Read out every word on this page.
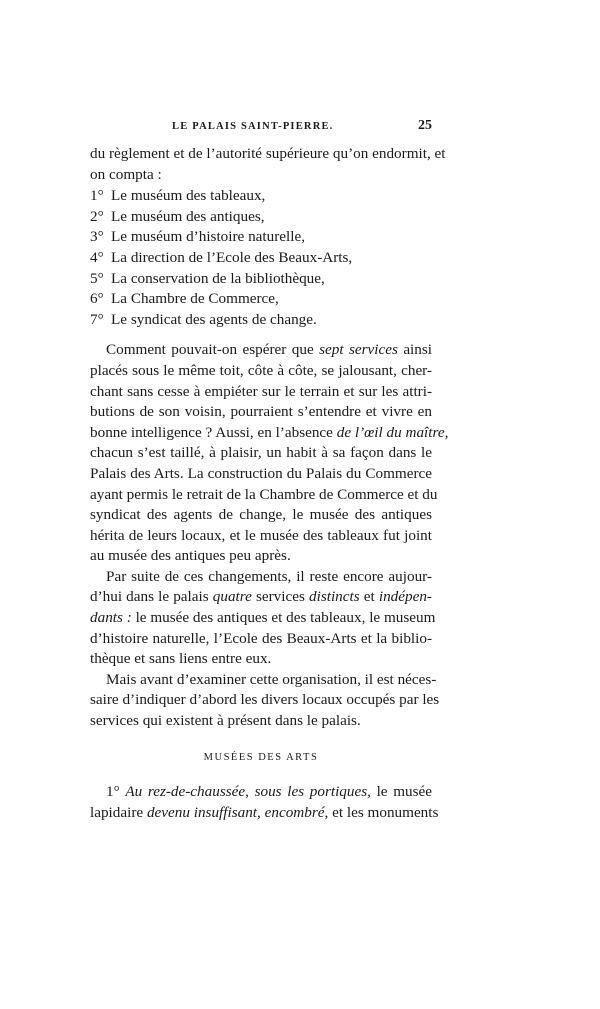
LE PALAIS SAINT-PIERRE.	25
du règlement et de l’autorité supérieure qu’on endormit, et
on compta :
1° Le muséum des tableaux,
2° Le muséum des antiques,
3° Le muséum d’histoire naturelle,
4° La direction de l’Ecole des Beaux-Arts,
5° La conservation de la bibliothèque,
6° La Chambre de Commerce,
7° Le syndicat des agents de change.
Comment pouvait-on espérer que sept services ainsi
placés sous le même toit, côte à côte, se jalousant, cher-
chant sans cesse à empiéter sur le terrain et sur les attri-
butions de son voisin, pourraient s’entendre et vivre en
bonne intelligence ? Aussi, en l’absence de l’œil du maître,
chacun s’est taillé, à plaisir, un habit à sa façon dans le
Palais des Arts. La construction du Palais du Commerce
ayant permis le retrait de la Chambre de Commerce et du
syndicat des agents de change, le musée des antiques
hérita de leurs locaux, et le musée des tableaux fut joint
au musée des antiques peu après.
Par suite de ces changements, il reste encore aujour-
d’hui dans le palais quatre services distincts et indépen-
dants : le musée des antiques et des tableaux, le museum
d’histoire naturelle, l’Ecole des Beaux-Arts et la biblio-
thèque et sans liens entre eux.
Mais avant d’examiner cette organisation, il est néces-
saire d’indiquer d’abord les divers locaux occupés par les
services qui existent à présent dans le palais.
MUSÉES DES ARTS
1° Au rez-de-chaussée, sous les portiques, le musée
lapidaire devenu insuffisant, encombré, et les monuments
